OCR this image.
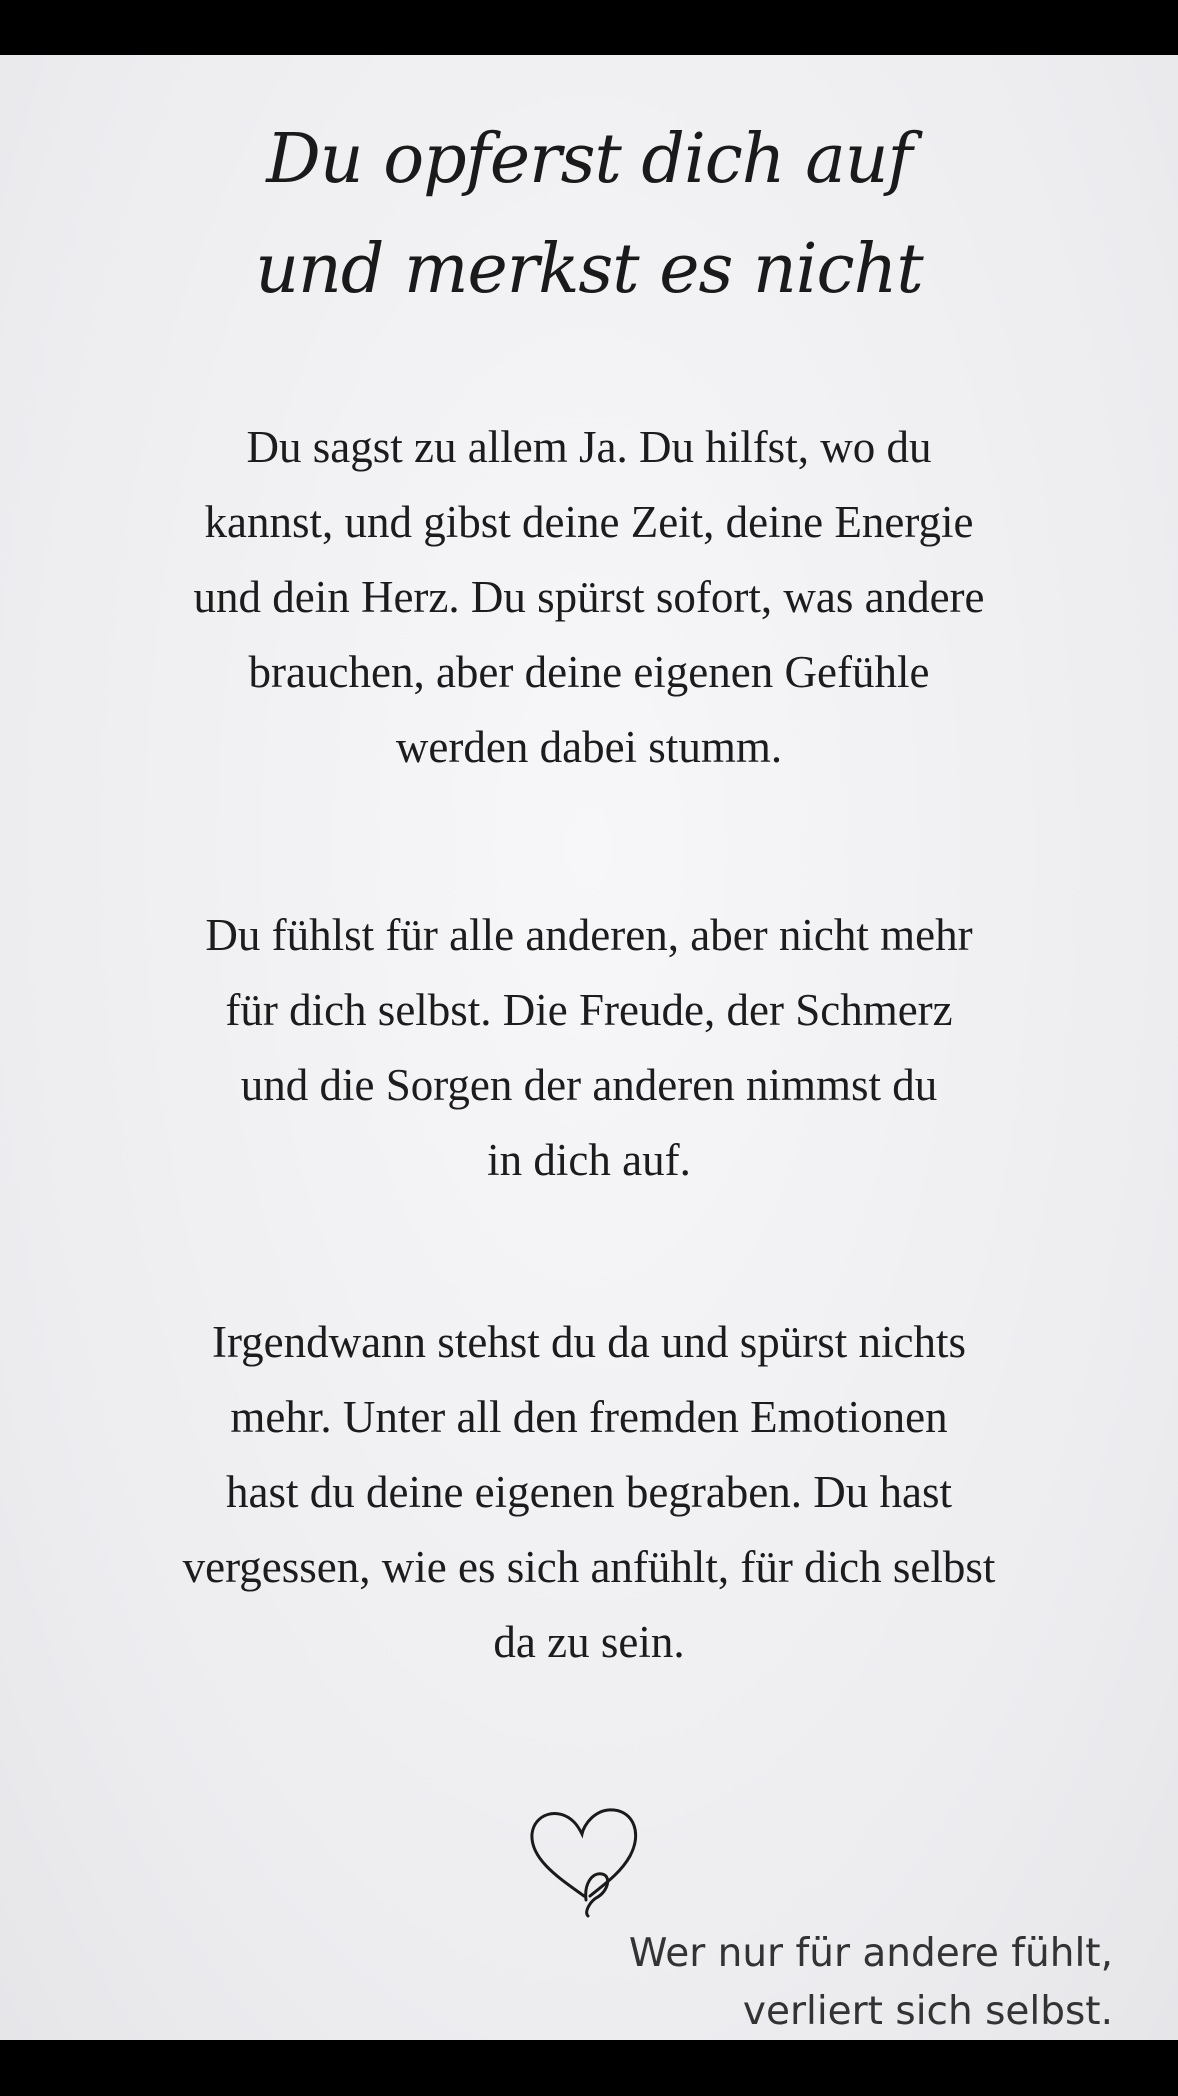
Du opferst dich auf
und merkst es nicht
Du sagst zu allem Ja. Du hilfst, wo du
kannst, und gibst deine Zeit, deine Energie
und dein Herz. Du spürst sofort, was andere
brauchen, aber deine eigenen Gefühle
werden dabei stumm.
Du fühlst für alle anderen, aber nicht mehr
für dich selbst. Die Freude, der Schmerz
und die Sorgen der anderen nimmst du
in dich auf.
Irgendwann stehst du da und spürst nichts
mehr. Unter all den fremden Emotionen
hast du deine eigenen begraben. Du hast
vergessen, wie es sich anfühlt, für dich selbst
da zu sein.
Wer nur für andere fühlt,
verliert sich selbst.
